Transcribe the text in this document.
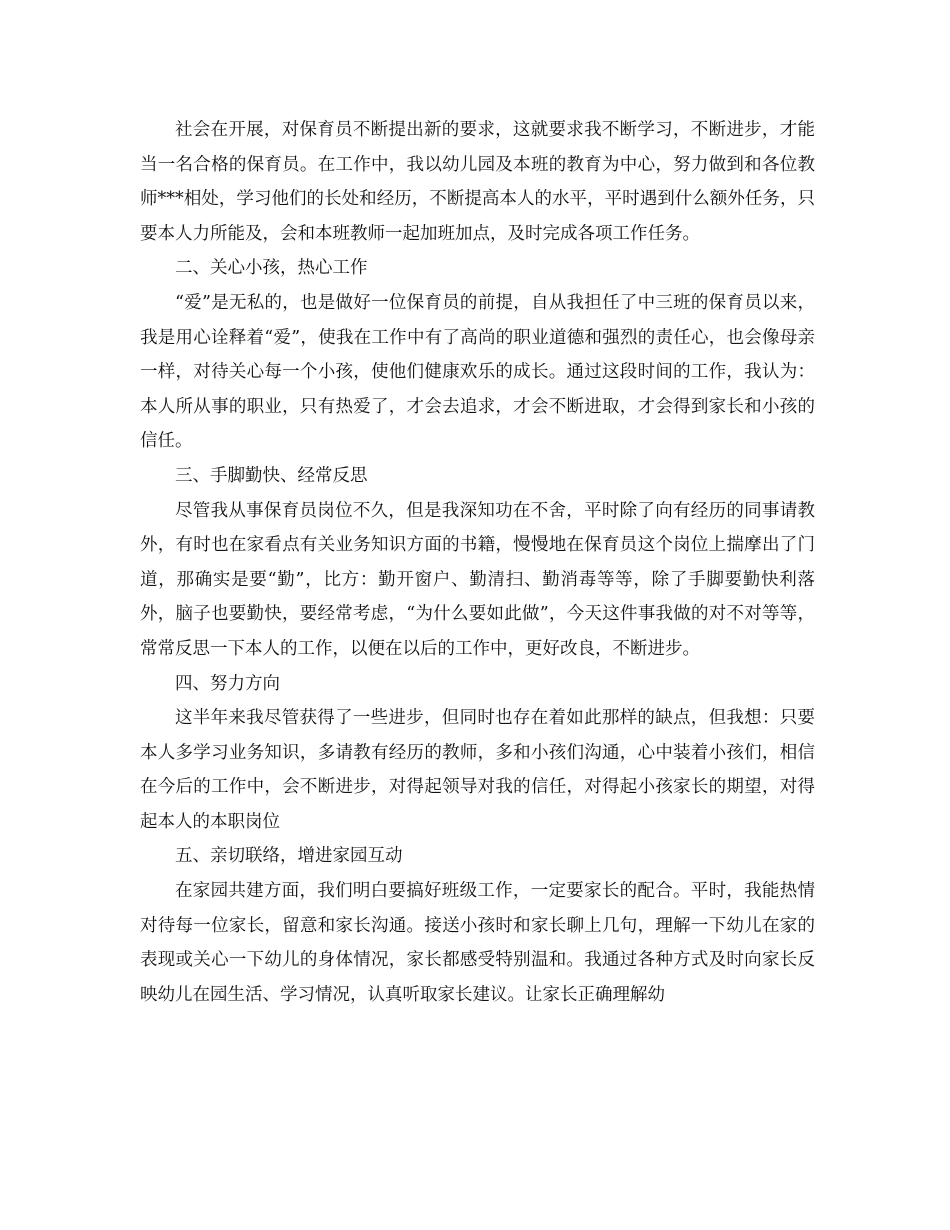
社会在开展，对保育员不断提出新的要求，这就要求我不断学习，不断进步，才能当一名合格的保育员。在工作中，我以幼儿园及本班的教育为中心，努力做到和各位教师***相处，学习他们的长处和经历，不断提高本人的水平，平时遇到什么额外任务，只要本人力所能及，会和本班教师一起加班加点，及时完成各项工作任务。

二、关心小孩，热心工作

“爱”是无私的，也是做好一位保育员的前提，自从我担任了中三班的保育员以来，我是用心诠释着“爱”，使我在工作中有了高尚的职业道德和强烈的责任心，也会像母亲一样，对待关心每一个小孩，使他们健康欢乐的成长。通过这段时间的工作，我认为：本人所从事的职业，只有热爱了，才会去追求，才会不断进取，才会得到家长和小孩的信任。

三、手脚勤快、经常反思

尽管我从事保育员岗位不久，但是我深知功在不舍，平时除了向有经历的同事请教外，有时也在家看点有关业务知识方面的书籍，慢慢地在保育员这个岗位上揣摩出了门道，那确实是要“勤”，比方：勤开窗户、勤清扫、勤消毒等等，除了手脚要勤快利落外，脑子也要勤快，要经常考虑，“为什么要如此做”，今天这件事我做的对不对等等，常常反思一下本人的工作，以便在以后的工作中，更好改良，不断进步。

四、努力方向

这半年来我尽管获得了一些进步，但同时也存在着如此那样的缺点，但我想：只要本人多学习业务知识，多请教有经历的教师，多和小孩们沟通，心中装着小孩们，相信在今后的工作中，会不断进步，对得起领导对我的信任，对得起小孩家长的期望，对得起本人的本职岗位

五、亲切联络，增进家园互动

在家园共建方面，我们明白要搞好班级工作，一定要家长的配合。平时，我能热情对待每一位家长，留意和家长沟通。接送小孩时和家长聊上几句，理解一下幼儿在家的表现或关心一下幼儿的身体情况，家长都感受特别温和。我通过各种方式及时向家长反映幼儿在园生活、学习情况，认真听取家长建议。让家长正确理解幼
